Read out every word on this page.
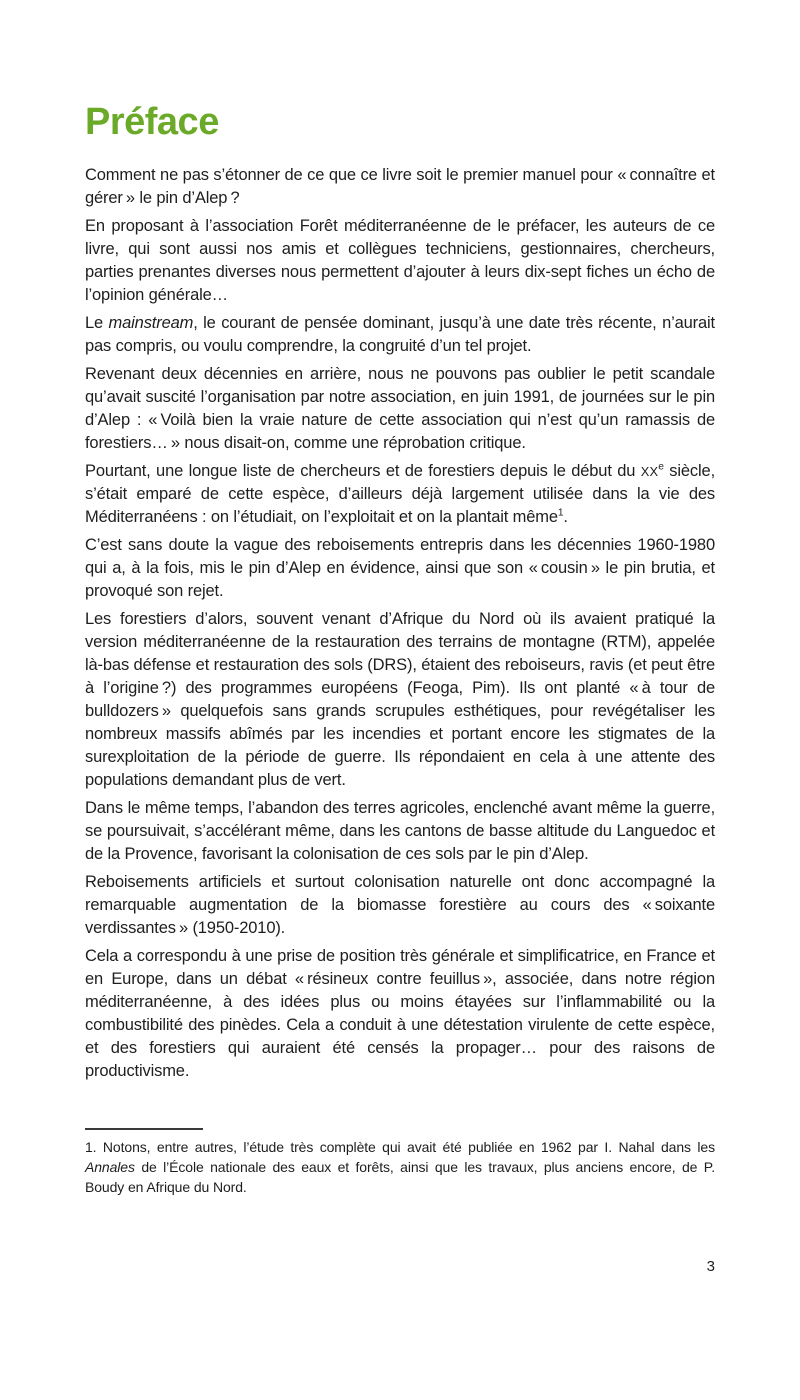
Préface

Comment ne pas s’étonner de ce que ce livre soit le premier manuel pour « connaître et gérer » le pin d’Alep ?

En proposant à l’association Forêt méditerranéenne de le préfacer, les auteurs de ce livre, qui sont aussi nos amis et collègues techniciens, gestionnaires, chercheurs, parties prenantes diverses nous permettent d’ajouter à leurs dix-sept fiches un écho de l’opinion générale…

Le mainstream, le courant de pensée dominant, jusqu’à une date très récente, n’aurait pas compris, ou voulu comprendre, la congruité d’un tel projet.

Revenant deux décennies en arrière, nous ne pouvons pas oublier le petit scandale qu’avait suscité l’organisation par notre association, en juin 1991, de journées sur le pin d’Alep : « Voilà bien la vraie nature de cette association qui n’est qu’un ramassis de forestiers… » nous disait-on, comme une réprobation critique.

Pourtant, une longue liste de chercheurs et de forestiers depuis le début du XXe siècle, s’était emparé de cette espèce, d’ailleurs déjà largement utilisée dans la vie des Méditerranéens : on l’étudiait, on l’exploitait et on la plantait même$^1$.

C’est sans doute la vague des reboisements entrepris dans les décennies 1960-1980 qui a, à la fois, mis le pin d’Alep en évidence, ainsi que son « cousin » le pin brutia, et provoqué son rejet.

Les forestiers d’alors, souvent venant d’Afrique du Nord où ils avaient pratiqué la version méditerranéenne de la restauration des terrains de montagne (RTM), appelée là-bas défense et restauration des sols (DRS), étaient des reboiseurs, ravis (et peut être à l’origine ?) des programmes européens (Feoga, Pim). Ils ont planté « à tour de bulldozers » quelquefois sans grands scrupules esthétiques, pour revégétaliser les nombreux massifs abîmés par les incendies et portant encore les stigmates de la surexploitation de la période de guerre. Ils répondaient en cela à une attente des populations demandant plus de vert.

Dans le même temps, l’abandon des terres agricoles, enclenché avant même la guerre, se poursuivait, s’accélérant même, dans les cantons de basse altitude du Languedoc et de la Provence, favorisant la colonisation de ces sols par le pin d’Alep.

Reboisements artificiels et surtout colonisation naturelle ont donc accompagné la remarquable augmentation de la biomasse forestière au cours des « soixante verdissantes » (1950-2010).

Cela a correspondu à une prise de position très générale et simplificatrice, en France et en Europe, dans un débat « résineux contre feuillus », associée, dans notre région méditerranéenne, à des idées plus ou moins étayées sur l’inflammabilité ou la combustibilité des pinèdes. Cela a conduit à une détestation virulente de cette espèce, et des forestiers qui auraient été censés la propager… pour des raisons de productivisme.

1. Notons, entre autres, l’étude très complète qui avait été publiée en 1962 par I. Nahal dans les Annales de l’École nationale des eaux et forêts, ainsi que les travaux, plus anciens encore, de P. Boudy en Afrique du Nord.

3
